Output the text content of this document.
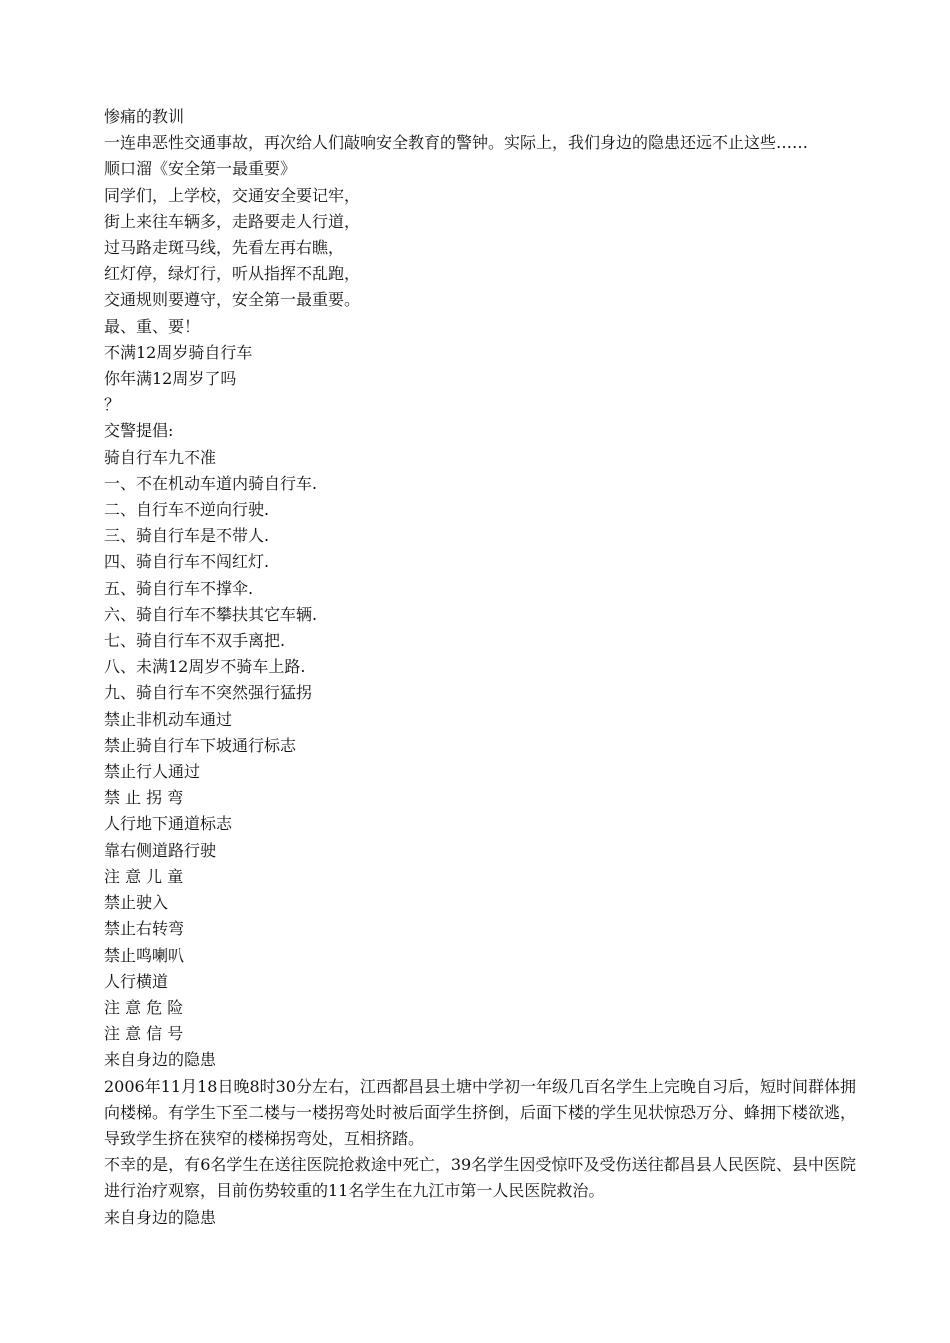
惨痛的教训

一连串恶性交通事故，再次给人们敲响安全教育的警钟。实际上，我们身边的隐患还远不止这些……

顺口溜《安全第一最重要》

同学们，上学校，交通安全要记牢，

街上来往车辆多，走路要走人行道，

过马路走斑马线，先看左再右瞧，

红灯停，绿灯行，听从指挥不乱跑，

交通规则要遵守，安全第一最重要。

最、重、要！

不满12周岁骑自行车

你年满12周岁了吗

？

交警提倡:

骑自行车九不准

一、不在机动车道内骑自行车.

二、自行车不逆向行驶.

三、骑自行车是不带人.

四、骑自行车不闯红灯.

五、骑自行车不撑伞.

六、骑自行车不攀扶其它车辆.

七、骑自行车不双手离把.

八、未满12周岁不骑车上路.

九、骑自行车不突然强行猛拐

禁止非机动车通过

禁止骑自行车下坡通行标志

禁止行人通过

禁 止 拐 弯

人行地下通道标志

靠右侧道路行驶

注 意 儿 童

禁止驶入

禁止右转弯

禁止鸣喇叭

人行横道

注 意 危 险

注 意 信 号

来自身边的隐患

2006年11月18日晚8时30分左右，江西都昌县土塘中学初一年级几百名学生上完晚自习后，短时间群体拥向楼梯。有学生下至二楼与一楼拐弯处时被后面学生挤倒，后面下楼的学生见状惊恐万分、蜂拥下楼欲逃，导致学生挤在狭窄的楼梯拐弯处，互相挤踏。

不幸的是，有6名学生在送往医院抢救途中死亡，39名学生因受惊吓及受伤送往都昌县人民医院、县中医院进行治疗观察，目前伤势较重的11名学生在九江市第一人民医院救治。

来自身边的隐患
